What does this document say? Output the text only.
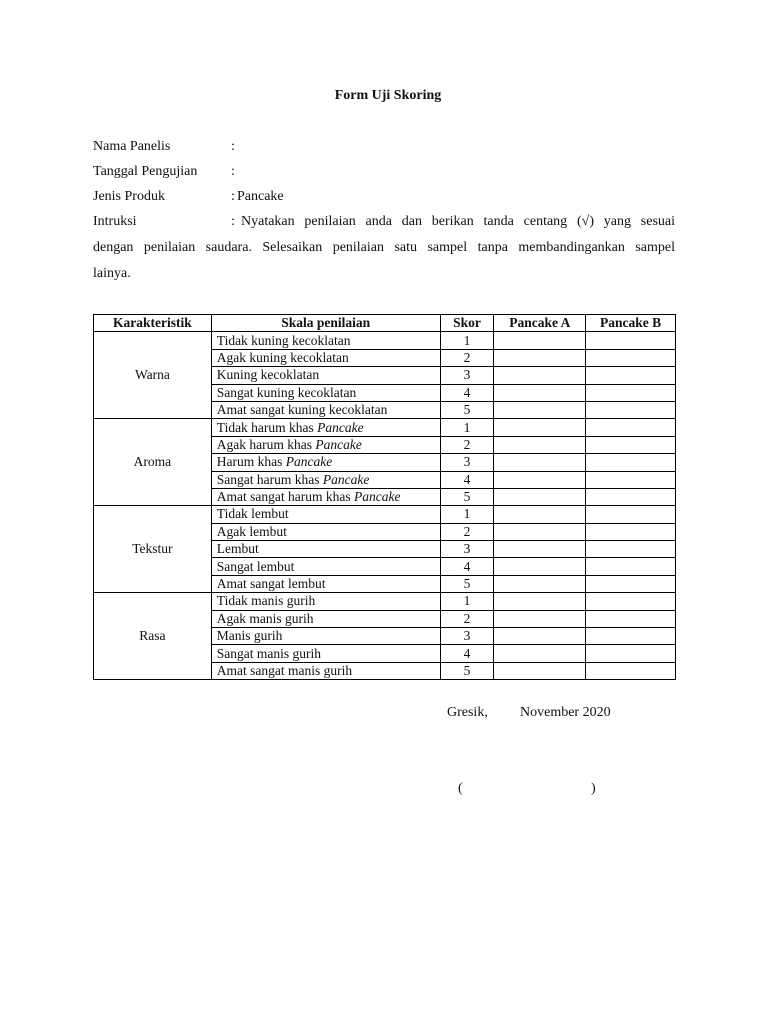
Form Uji Skoring
Nama Panelis	:
Tanggal Pengujian :
Jenis Produk	: Pancake
Intruksi	: Nyatakan penilaian anda dan berikan tanda centang (√) yang sesuai
dengan penilaian saudara. Selesaikan penilaian satu sampel tanpa membandingankan sampel
lainya.
Karakteristik	Skala penilaian	Skor	Pancake A	Pancake B
Warna	Tidak kuning kecoklatan	1		
	Agak kuning kecoklatan	2		
	Kuning kecoklatan	3		
	Sangat kuning kecoklatan	4		
	Amat sangat kuning kecoklatan	5		
Aroma	Tidak harum khas Pancake	1		
	Agak harum khas Pancake	2		
	Harum khas Pancake	3		
	Sangat harum khas Pancake	4		
	Amat sangat harum khas Pancake	5		
Tekstur	Tidak lembut	1		
	Agak lembut	2		
	Lembut	3		
	Sangat lembut	4		
	Amat sangat lembut	5		
Rasa	Tidak manis gurih	1		
	Agak manis gurih	2		
	Manis gurih	3		
	Sangat manis gurih	4		
	Amat sangat manis gurih	5		
Gresik, November 2020
(	)
